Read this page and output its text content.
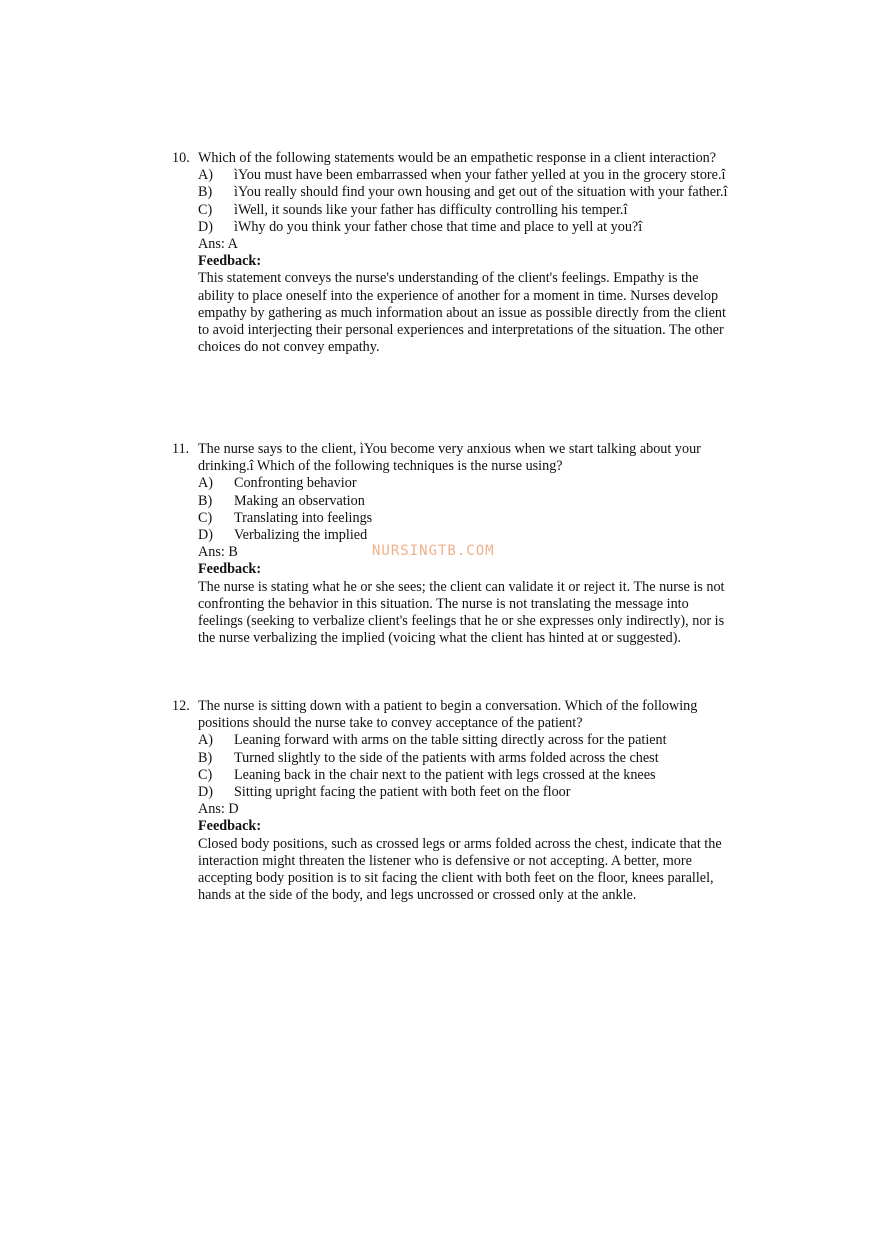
10. Which of the following statements would be an empathetic response in a client interaction?
A)	ìYou must have been embarrassed when your father yelled at you in the grocery store.î
B)	ìYou really should find your own housing and get out of the situation with your father.î
C)	ìWell, it sounds like your father has difficulty controlling his temper.î
D)	ìWhy do you think your father chose that time and place to yell at you?î
Ans: A
Feedback:
This statement conveys the nurse's understanding of the client's feelings. Empathy is the ability to place oneself into the experience of another for a moment in time. Nurses develop empathy by gathering as much information about an issue as possible directly from the client to avoid interjecting their personal experiences and interpretations of the situation. The other choices do not convey empathy.
11. The nurse says to the client, ìYou become very anxious when we start talking about your drinking.î Which of the following techniques is the nurse using?
A)	Confronting behavior
B)	Making an observation
C)	Translating into feelings
D)	Verbalizing the implied
Ans: B
Feedback:
The nurse is stating what he or she sees; the client can validate it or reject it. The nurse is not confronting the behavior in this situation. The nurse is not translating the message into feelings (seeking to verbalize client's feelings that he or she expresses only indirectly), nor is the nurse verbalizing the implied (voicing what the client has hinted at or suggested).
12. The nurse is sitting down with a patient to begin a conversation. Which of the following positions should the nurse take to convey acceptance of the patient?
A)	Leaning forward with arms on the table sitting directly across for the patient
B)	Turned slightly to the side of the patients with arms folded across the chest
C)	Leaning back in the chair next to the patient with legs crossed at the knees
D)	Sitting upright facing the patient with both feet on the floor
Ans: D
Feedback:
Closed body positions, such as crossed legs or arms folded across the chest, indicate that the interaction might threaten the listener who is defensive or not accepting. A better, more accepting body position is to sit facing the client with both feet on the floor, knees parallel, hands at the side of the body, and legs uncrossed or crossed only at the ankle.
NURSINGTB.COM
